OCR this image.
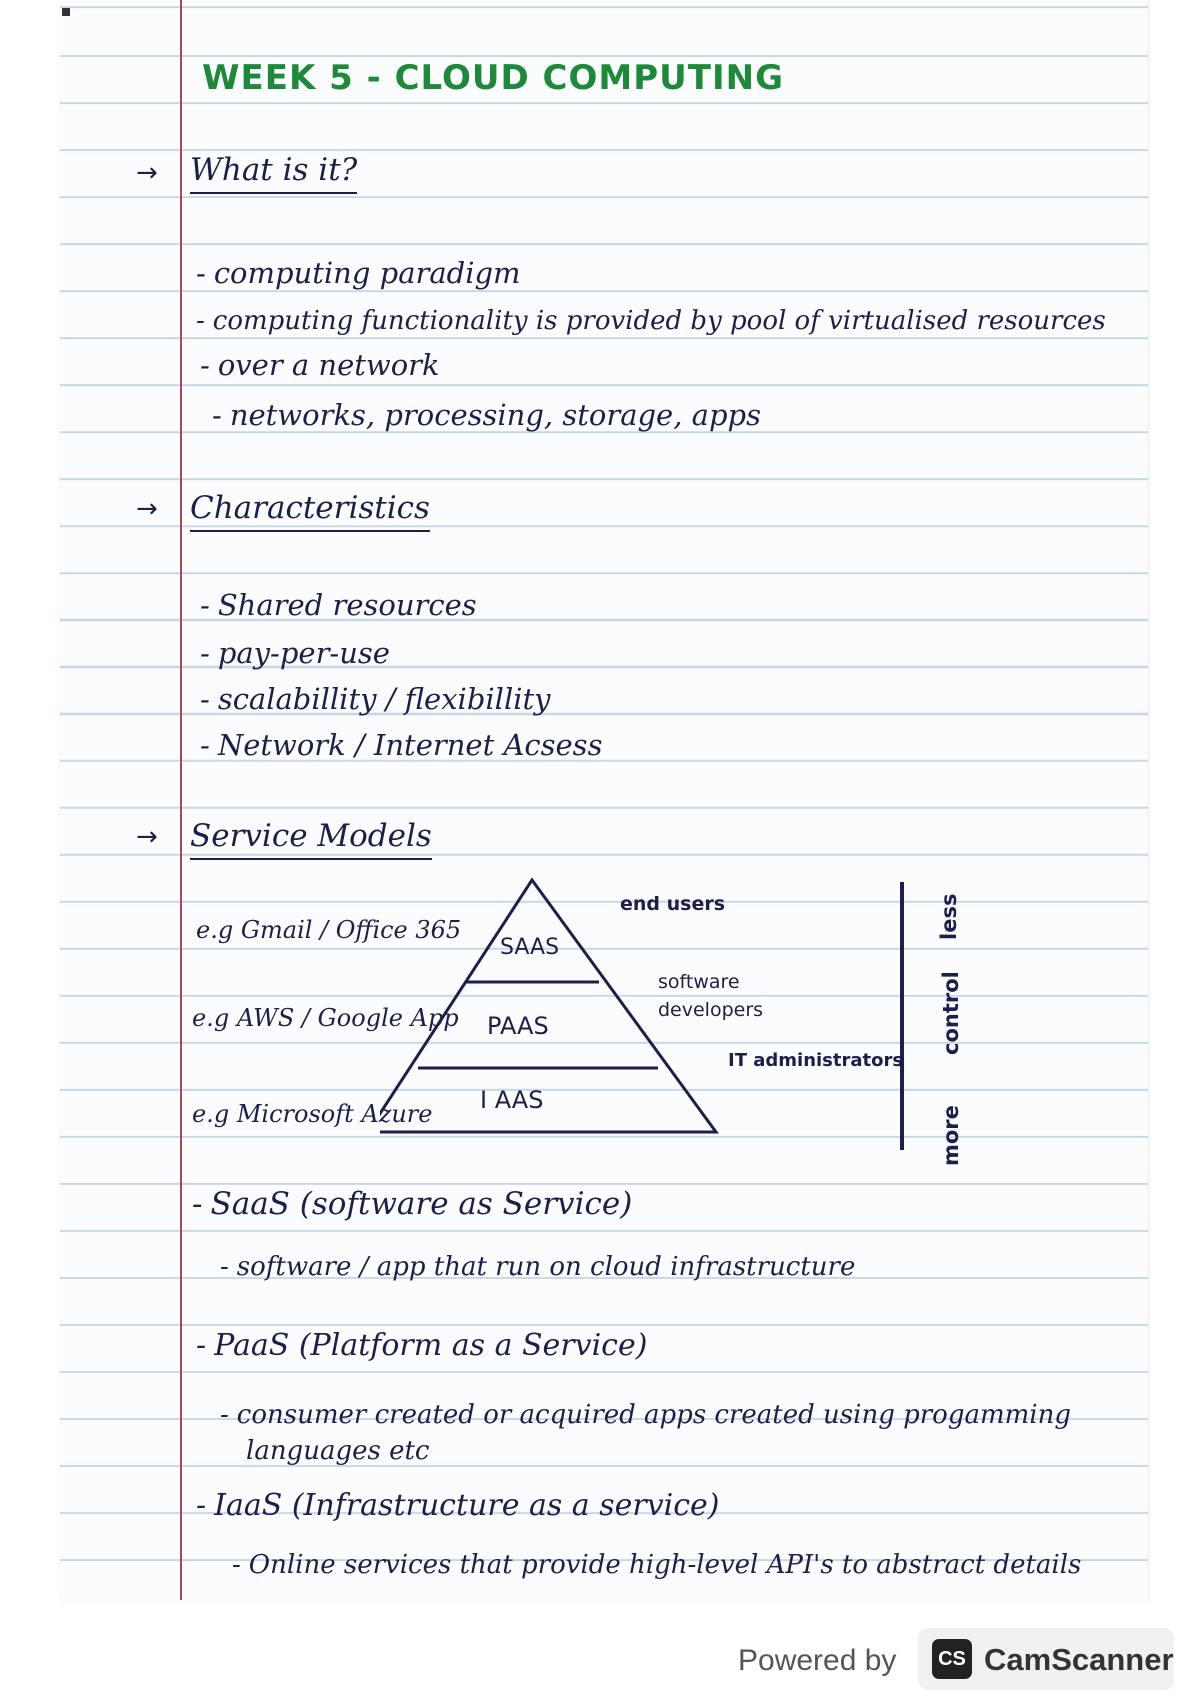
WEEK 5 - CLOUD COMPUTING
→ What is it?
- computing paradigm
- computing functionality is provided by pool of virtualised resources
- over a network
- networks, processing, storage, apps
→ Characteristics
- Shared resources
- pay-per-use
- scalabillity / flexibillity
- Network / Internet Acsess
→ Service Models
e.g Gmail / Office 365
e.g AWS / Google App
e.g Microsoft Azure
SAAS
PAAS
I AAS
end users
software
developers
IT administrators
less
control
more
- SaaS (software as Service)
- software / app that run on cloud infrastructure
- PaaS (Platform as a Service)
- consumer created or acquired apps created using progamming
languages etc
- IaaS (Infrastructure as a service)
- Online services that provide high-level API's to abstract details
Powered by	CS CamScanner
